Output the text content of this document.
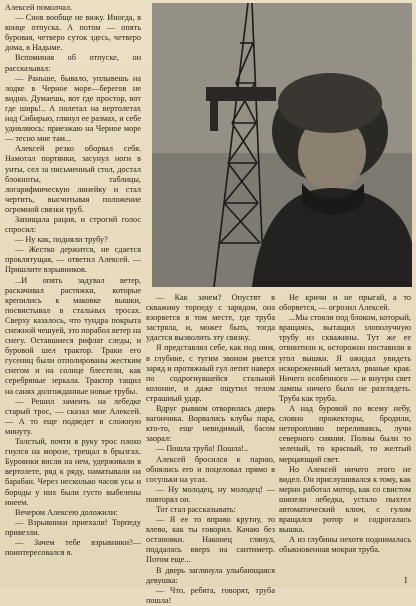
Алексей помолчал.

— Снов вообще не вижу. Иногда, в конце отпуска. А потом — опять буровая, четверо суток здесь, четверо дома, в Надыме.

Вспоминая об отпуске, он рассказывал:

— Раньше, бывало, уплывешь на лодке в Черное море—берегов не видно. Думаешь, вот где простор, вот где ширь!.. А полетал на вертолетах над Сибирью, глянул ее размах, и себе удивляюсь: приезжаю на Черное море — тесно мне там...

Алексей резко оборвал себя. Намотал портянки, засунул ноги в унты, сел за письменный стол, достал блокноты, таблицы, логарифмическую линейку и стал чертить, высчитывая положение огромной связки труб.

Запищала рация, и строгий голос спросил:

— Ну как, подняли трубу?

— Жестко держится, не сдается проклятущая, — ответил Алексей. — Пришлите взрывников.

...И опять задувал ветер, раскачивал растяжки, которые крепились к маковке вышки, посвистывал в стальных тросах. Сверху казалось, что тундра покрыта снежной чешуей, это порабол ветер на снегу. Оставшиеся рифлат следы, и буровой шел трактор. Траки его гусениц были отполированы жестким снегом и на солнце блестели, как серебряные зеркала. Трактор тащил на санях долгожданные новые трубы.

— Решил замеить на лебедке старый трос, — сказал мне Алексей. — А то еще подведет в сложную минуту.

Толстый, почти в руку трос плохо гнулся на морозе, трещал в брызгах. Буровики висли на нем, удерживали в вертолете, ряд к ряду, наматывали на барабан. Через несколько часов усы и бороды у них были густо выбелены инеем.

Вечером Алексею доложили:

— Взрывники приехали! Торпеду привезли.

— Зачем тебе взрывники?— поинтересовался я.

— Как зачем? Опустят в скважину торпеду с зарядом, она взорвется в том месте, где труба застряла, и, может быть, тогда удастся вызволить эту связку.

Я представлял себе, как под ним, в глубине, с тугим звоном рвется заряд и протяжный гул летит наверх по содрогнувшейся стальной колонне, и даже ощутил телом страшный удар.

Вдруг рывком отворилась дверь вагончика. Ворвались клубы пара, кто-то, еще невидимый, басом заорал:

— Пошла труба! Пошла!..

Алексей бросился к парню, обнялись его и поцеловал прямо в сосульки на усах.

— Ну молодец, ну молодец! — повторял он.

Тот стал рассказывать:

— Я ее то вправо крутну, то влево, как ты говорил. Качаю без остановки. Наконец глянул, поддалась вверх на сантиметр. Потом еще...

В дверь заглянула улыбающаяся девушка:

— Что, ребята, говорят, труба пошла!

Не кричи и не прыгай, а то оборвется, — огрозил Алексей.

...Мы стояли под блоком, который, вращаясь, вытащил злополучную трубу из скважины. Тут же ее отвинтили и, осторожно поставили в угол вышки. Я ожидал увидеть искореженный металл, рваные края. Ничего особенного — и внутри свет лампы ничего было не разглядеть. Труба как труба.

А над буровой по всему небу, словно прожекторы, бродили, неторопливо переливаясь, лучи северного сияния. Полны были то зеленый, то красный, то желтый мерцающий свет.

Но Алексей ничего этого не видел. Он прислушивался к тому, как мерно работал мотор, как со свистом шипели лебедка, устало пыхтел автоматический ключ, с гулом вращался ротор и содрогалась вышка.

А из глубины нехотя поднималась обыкновенная мокрая труба.

1
